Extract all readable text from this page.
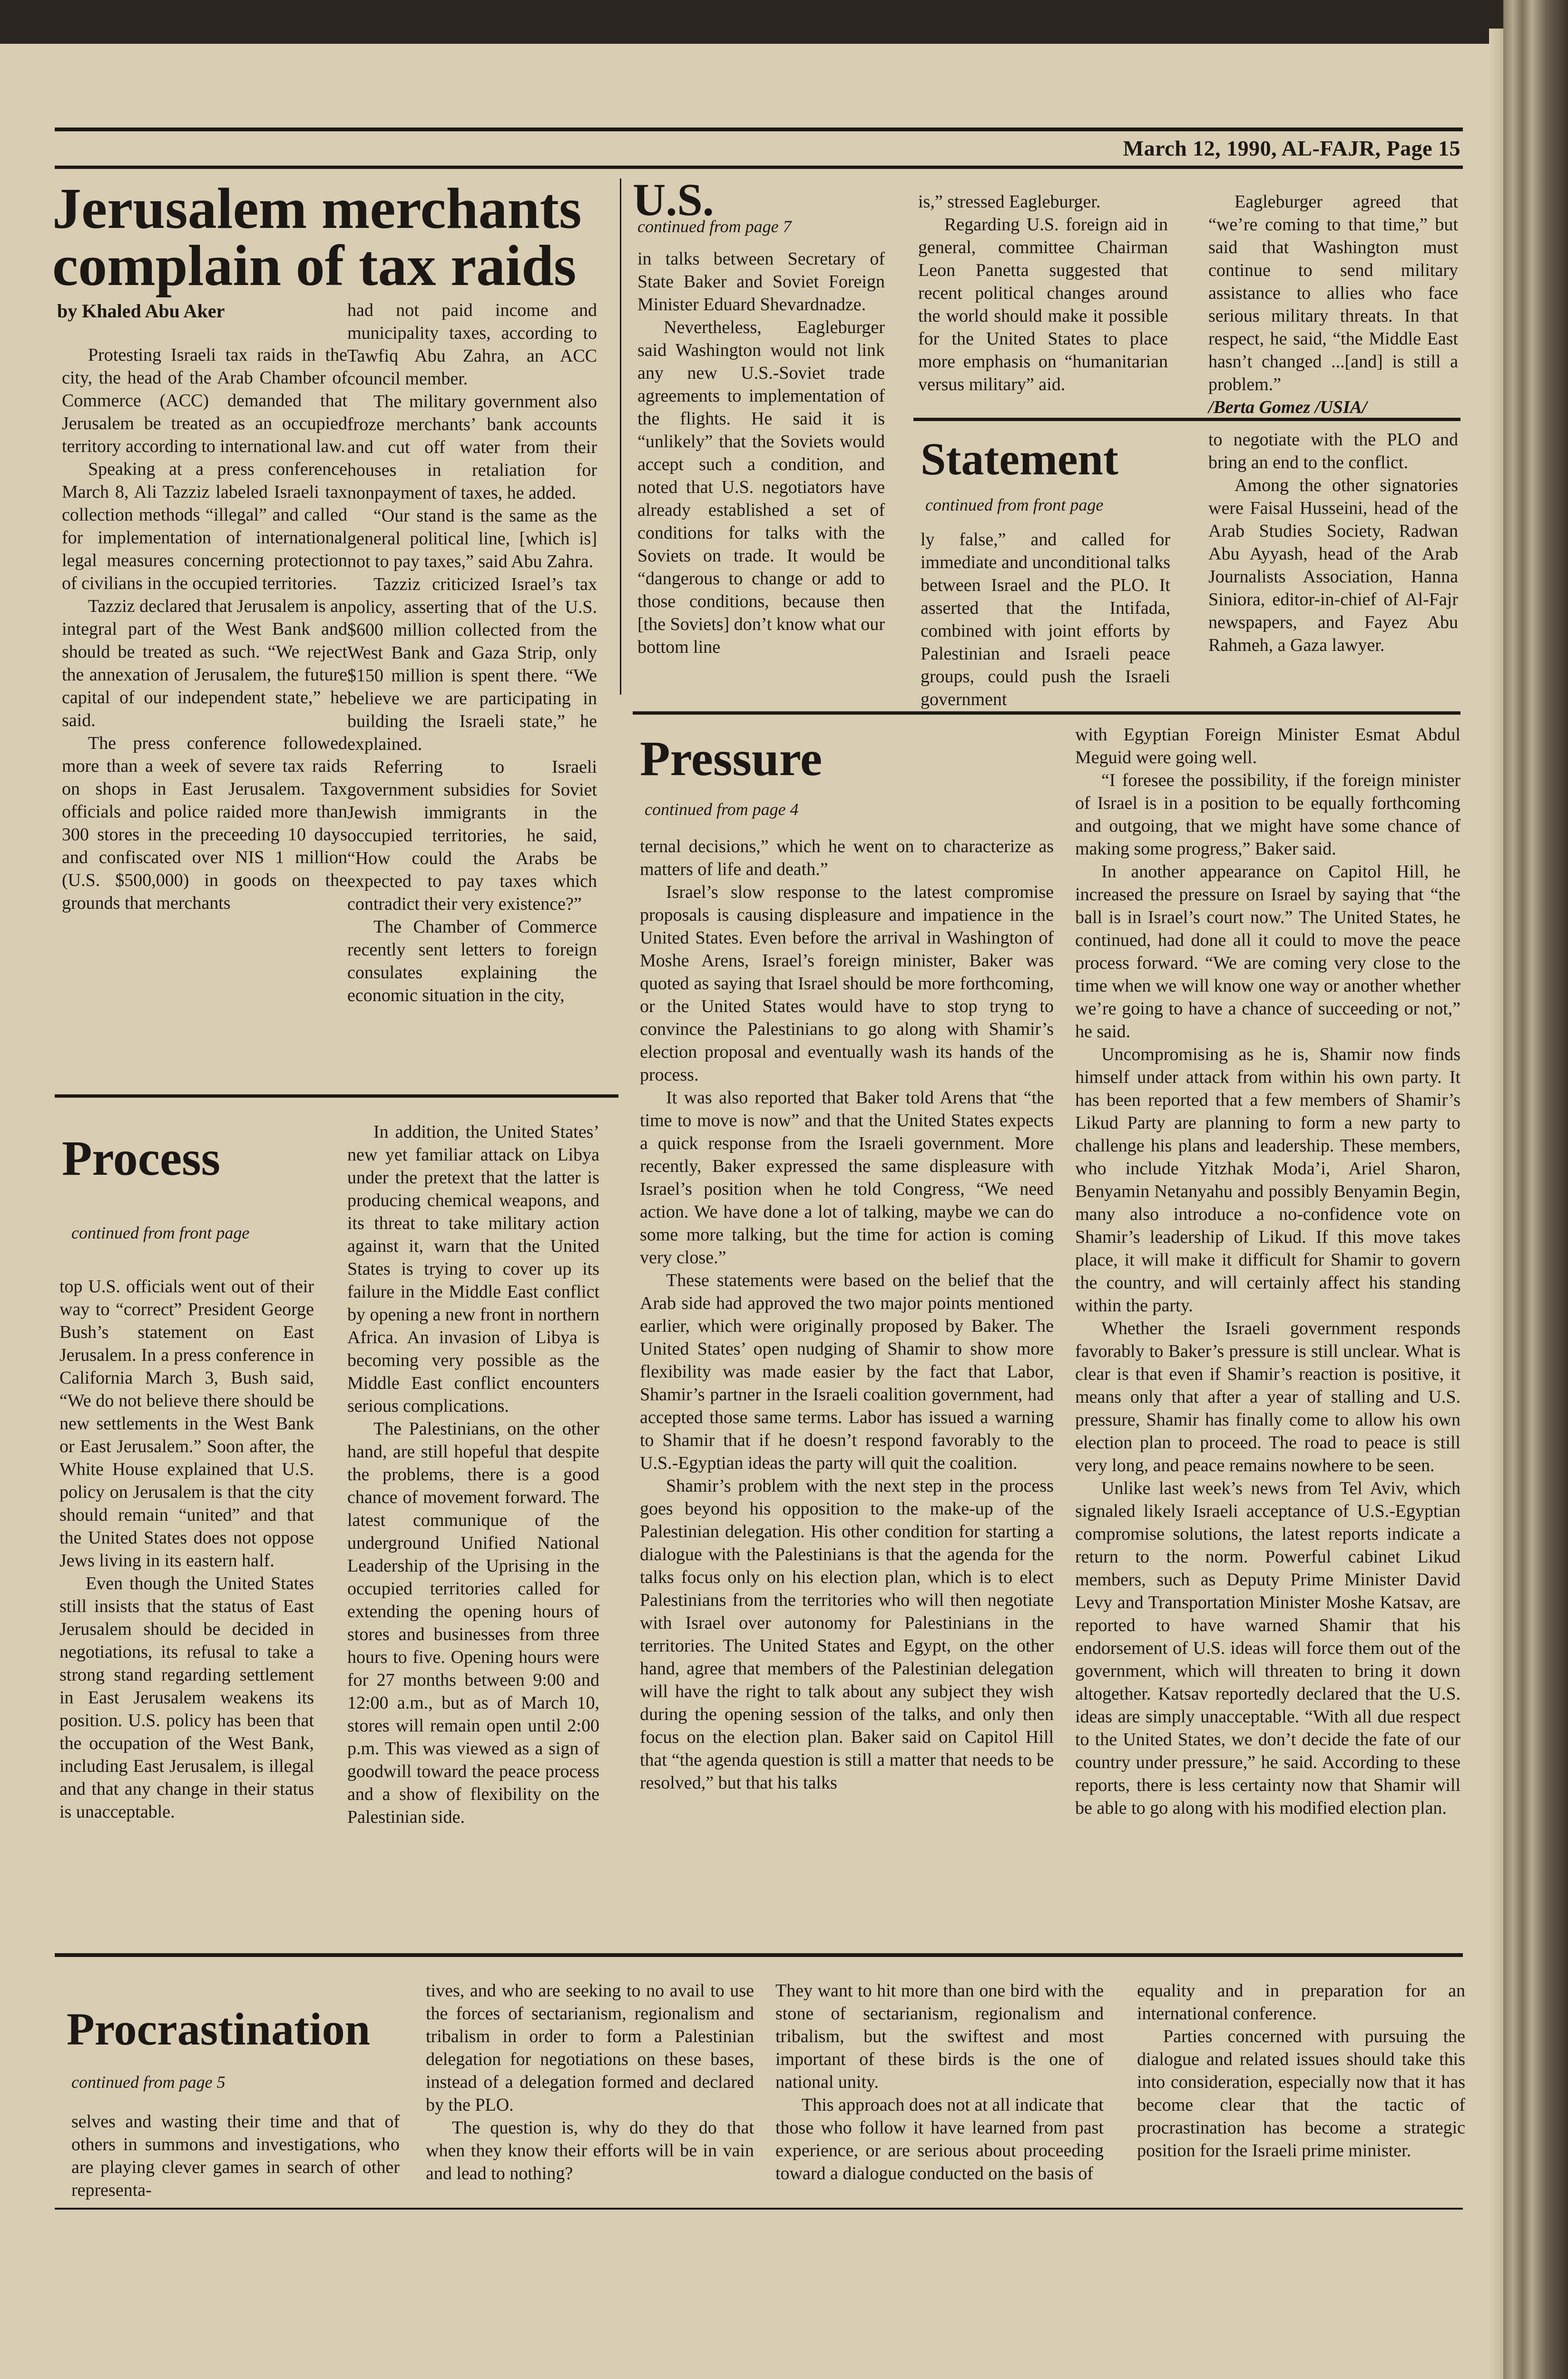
March 12, 1990, AL-FAJR, Page 15
Jerusalem merchants
complain of tax raids
by Khaled Abu Aker

Protesting Israeli tax raids in the city, the head of the Arab Chamber of Commerce (ACC) demanded that Jerusalem be treated as an occupied territory according to international law.

Speaking at a press conference March 8, Ali Tazziz labeled Israeli tax collection methods “illegal” and called for implementation of international legal measures concerning protection of civilians in the occupied territories.

Tazziz declared that Jerusalem is an integral part of the West Bank and should be treated as such. “We reject the annexation of Jerusalem, the future capital of our independent state,” he said.

The press conference followed more than a week of severe tax raids on shops in East Jerusalem. Tax officials and police raided more than 300 stores in the preceeding 10 days and confiscated over NIS 1 million (U.S. $500,000) in goods on the grounds that merchants

had not paid income and municipality taxes, according to Tawfiq Abu Zahra, an ACC council member.

The military government also froze merchants’ bank accounts and cut off water from their houses in retaliation for nonpayment of taxes, he added.

“Our stand is the same as the general political line, [which is] not to pay taxes,” said Abu Zahra.

Tazziz criticized Israel’s tax policy, asserting that of the U.S. $600 million collected from the West Bank and Gaza Strip, only $150 million is spent there. “We believe we are participating in building the Israeli state,” he explained.

Referring to Israeli government subsidies for Soviet Jewish immigrants in the occupied territories, he said, “How could the Arabs be expected to pay taxes which contradict their very existence?”

The Chamber of Commerce recently sent letters to foreign consulates explaining the economic situation in the city,

U.S.
continued from page 7

in talks between Secretary of State Baker and Soviet Foreign Minister Eduard Shevardnadze.

Nevertheless, Eagleburger said Washington would not link any new U.S.-Soviet trade agreements to implementation of the flights. He said it is “unlikely” that the Soviets would accept such a condition, and noted that U.S. negotiators have already established a set of conditions for talks with the Soviets on trade. It would be “dangerous to change or add to those conditions, because then [the Soviets] don’t know what our bottom line

is,” stressed Eagleburger.

Regarding U.S. foreign aid in general, committee Chairman Leon Panetta suggested that recent political changes around the world should make it possible for the United States to place more emphasis on “humanitarian versus military” aid.

Eagleburger agreed that “we’re coming to that time,” but said that Washington must continue to send military assistance to allies who face serious military threats. In that respect, he said, “the Middle East hasn’t changed ...[and] is still a problem.”

/Berta Gomez /USIA/

Statement
continued from front page

ly false,” and called for immediate and unconditional talks between Israel and the PLO. It asserted that the Intifada, combined with joint efforts by Palestinian and Israeli peace groups, could push the Israeli government

to negotiate with the PLO and bring an end to the conflict.

Among the other signatories were Faisal Husseini, head of the Arab Studies Society, Radwan Abu Ayyash, head of the Arab Journalists Association, Hanna Siniora, editor-in-chief of Al-Fajr newspapers, and Fayez Abu Rahmeh, a Gaza lawyer.

Pressure
continued from page 4

ternal decisions,” which he went on to characterize as matters of life and death.”

Israel’s slow response to the latest compromise proposals is causing displeasure and impatience in the United States. Even before the arrival in Washington of Moshe Arens, Israel’s foreign minister, Baker was quoted as saying that Israel should be more forthcoming, or the United States would have to stop tryng to convince the Palestinians to go along with Shamir’s election proposal and eventually wash its hands of the process.

It was also reported that Baker told Arens that “the time to move is now” and that the United States expects a quick response from the Israeli government. More recently, Baker expressed the same displeasure with Israel’s position when he told Congress, “We need action. We have done a lot of talking, maybe we can do some more talking, but the time for action is coming very close.”

These statements were based on the belief that the Arab side had approved the two major points mentioned earlier, which were originally proposed by Baker. The United States’ open nudging of Shamir to show more flexibility was made easier by the fact that Labor, Shamir’s partner in the Israeli coalition government, had accepted those same terms. Labor has issued a warning to Shamir that if he doesn’t respond favorably to the U.S.-Egyptian ideas the party will quit the coalition.

Shamir’s problem with the next step in the process goes beyond his opposition to the make-up of the Palestinian delegation. His other condition for starting a dialogue with the Palestinians is that the agenda for the talks focus only on his election plan, which is to elect Palestinians from the territories who will then negotiate with Israel over autonomy for Palestinians in the territories. The United States and Egypt, on the other hand, agree that members of the Palestinian delegation will have the right to talk about any subject they wish during the opening session of the talks, and only then focus on the election plan. Baker said on Capitol Hill that “the agenda question is still a matter that needs to be resolved,” but that his talks

with Egyptian Foreign Minister Esmat Abdul Meguid were going well.

“I foresee the possibility, if the foreign minister of Israel is in a position to be equally forthcoming and outgoing, that we might have some chance of making some progress,” Baker said.

In another appearance on Capitol Hill, he increased the pressure on Israel by saying that “the ball is in Israel’s court now.” The United States, he continued, had done all it could to move the peace process forward. “We are coming very close to the time when we will know one way or another whether we’re going to have a chance of succeeding or not,” he said.

Uncompromising as he is, Shamir now finds himself under attack from within his own party. It has been reported that a few members of Shamir’s Likud Party are planning to form a new party to challenge his plans and leadership. These members, who include Yitzhak Moda’i, Ariel Sharon, Benyamin Netanyahu and possibly Benyamin Begin, many also introduce a no-confidence vote on Shamir’s leadership of Likud. If this move takes place, it will make it difficult for Shamir to govern the country, and will certainly affect his standing within the party.

Whether the Israeli government responds favorably to Baker’s pressure is still unclear. What is clear is that even if Shamir’s reaction is positive, it means only that after a year of stalling and U.S. pressure, Shamir has finally come to allow his own election plan to proceed. The road to peace is still very long, and peace remains nowhere to be seen.

Unlike last week’s news from Tel Aviv, which signaled likely Israeli acceptance of U.S.-Egyptian compromise solutions, the latest reports indicate a return to the norm. Powerful cabinet Likud members, such as Deputy Prime Minister David Levy and Transportation Minister Moshe Katsav, are reported to have warned Shamir that his endorsement of U.S. ideas will force them out of the government, which will threaten to bring it down altogether. Katsav reportedly declared that the U.S. ideas are simply unacceptable. “With all due respect to the United States, we don’t decide the fate of our country under pressure,” he said. According to these reports, there is less certainty now that Shamir will be able to go along with his modified election plan.

Process
continued from front page

top U.S. officials went out of their way to “correct” President George Bush’s statement on East Jerusalem. In a press conference in California March 3, Bush said, “We do not believe there should be new settlements in the West Bank or East Jerusalem.” Soon after, the White House explained that U.S. policy on Jerusalem is that the city should remain “united” and that the United States does not oppose Jews living in its eastern half.

Even though the United States still insists that the status of East Jerusalem should be decided in negotiations, its refusal to take a strong stand regarding settlement in East Jerusalem weakens its position. U.S. policy has been that the occupation of the West Bank, including East Jerusalem, is illegal and that any change in their status is unacceptable.

In addition, the United States’ new yet familiar attack on Libya under the pretext that the latter is producing chemical weapons, and its threat to take military action against it, warn that the United States is trying to cover up its failure in the Middle East conflict by opening a new front in northern Africa. An invasion of Libya is becoming very possible as the Middle East conflict encounters serious complications.

The Palestinians, on the other hand, are still hopeful that despite the problems, there is a good chance of movement forward. The latest communique of the underground Unified National Leadership of the Uprising in the occupied territories called for extending the opening hours of stores and businesses from three hours to five. Opening hours were for 27 months between 9:00 and 12:00 a.m., but as of March 10, stores will remain open until 2:00 p.m. This was viewed as a sign of goodwill toward the peace process and a show of flexibility on the Palestinian side.

Procrastination
continued from page 5

selves and wasting their time and that of others in summons and investigations, who are playing clever games in search of other representa-

tives, and who are seeking to no avail to use the forces of sectarianism, regionalism and tribalism in order to form a Palestinian delegation for negotiations on these bases, instead of a delegation formed and declared by the PLO.

The question is, why do they do that when they know their efforts will be in vain and lead to nothing?

They want to hit more than one bird with the stone of sectarianism, regionalism and tribalism, but the swiftest and most important of these birds is the one of national unity.

This approach does not at all indicate that those who follow it have learned from past experience, or are serious about proceeding toward a dialogue conducted on the basis of

equality and in preparation for an international conference.

Parties concerned with pursuing the dialogue and related issues should take this into consideration, especially now that it has become clear that the tactic of procrastination has become a strategic position for the Israeli prime minister.
